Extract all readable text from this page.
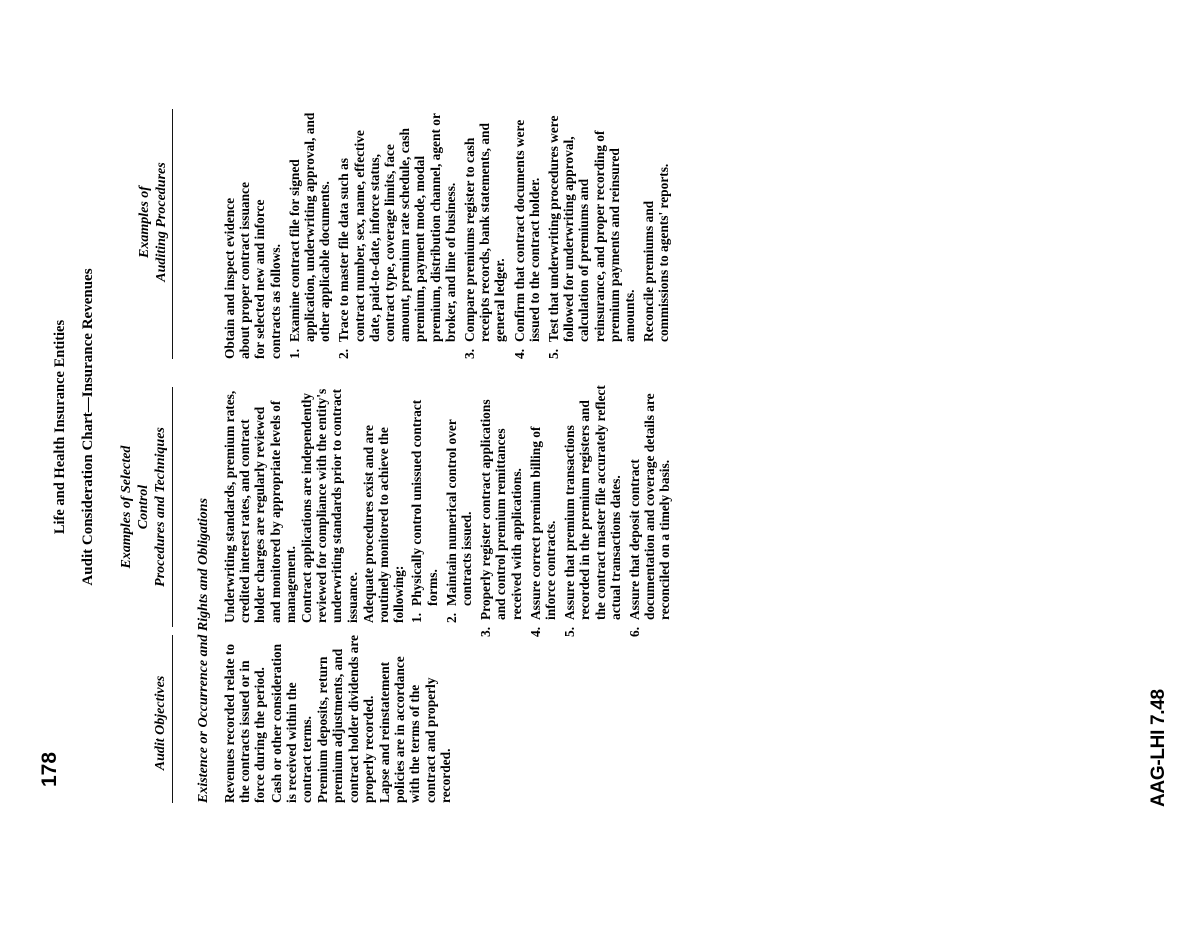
178
Life and Health Insurance Entities Audit Consideration Chart—Insurance Revenues
Audit Objectives
Examples of Selected Control Procedures and Techniques
Examples of Auditing Procedures
Existence or Occurrence and Rights and Obligations Revenues recorded relate to the contracts issued or in force during the period. Cash or other consideration is received within the contract terms. Premium deposits, return premium adjustments, and contract holder dividends are properly recorded. Lapse and reinstatement policies are in accordance with the terms of the contract and properly recorded.

Underwriting standards, premium rates, credited interest rates, and contract holder charges are regularly reviewed and monitored by appropriate levels of management. Contract applications are independently reviewed for compliance with the entity's underwriting standards prior to contract issuance. Adequate procedures exist and are routinely monitored to achieve the following: 1.
Physically control unissued contract forms.
2.
Maintain numerical control over contracts issued.
3.
Properly register contract applications and control premium remittances received with applications.
4.
Assure correct premium billing of inforce contracts.
5.
Assure that premium transactions recorded in the premium registers and the contract master file accurately reflect actual transactions dates.
6.
Assure that deposit contract documentation and coverage details are reconciled on a timely basis.

Obtain and inspect evidence about proper contract issuance for selected new and inforce contracts as follows. 1.
Examine contract file for signed application, underwriting approval, and other applicable documents.
2.
Trace to master file data such as contract number, sex, name, effective date, paid-to-date, inforce status, contract type, coverage limits, face amount, premium rate schedule, cash premium, payment mode, modal premium, distribution channel, agent or broker, and line of business.
3.
Compare premiums register to cash receipts records, bank statements, and general ledger.
4.
Confirm that contract documents were issued to the contract holder.
5.
Test that underwriting procedures were followed for underwriting approval, calculation of premiums and reinsurance, and proper recording of premium payments and reinsured amounts. Reconcile premiums and commissions to agents' reports.

AAG-LHI 7.48
